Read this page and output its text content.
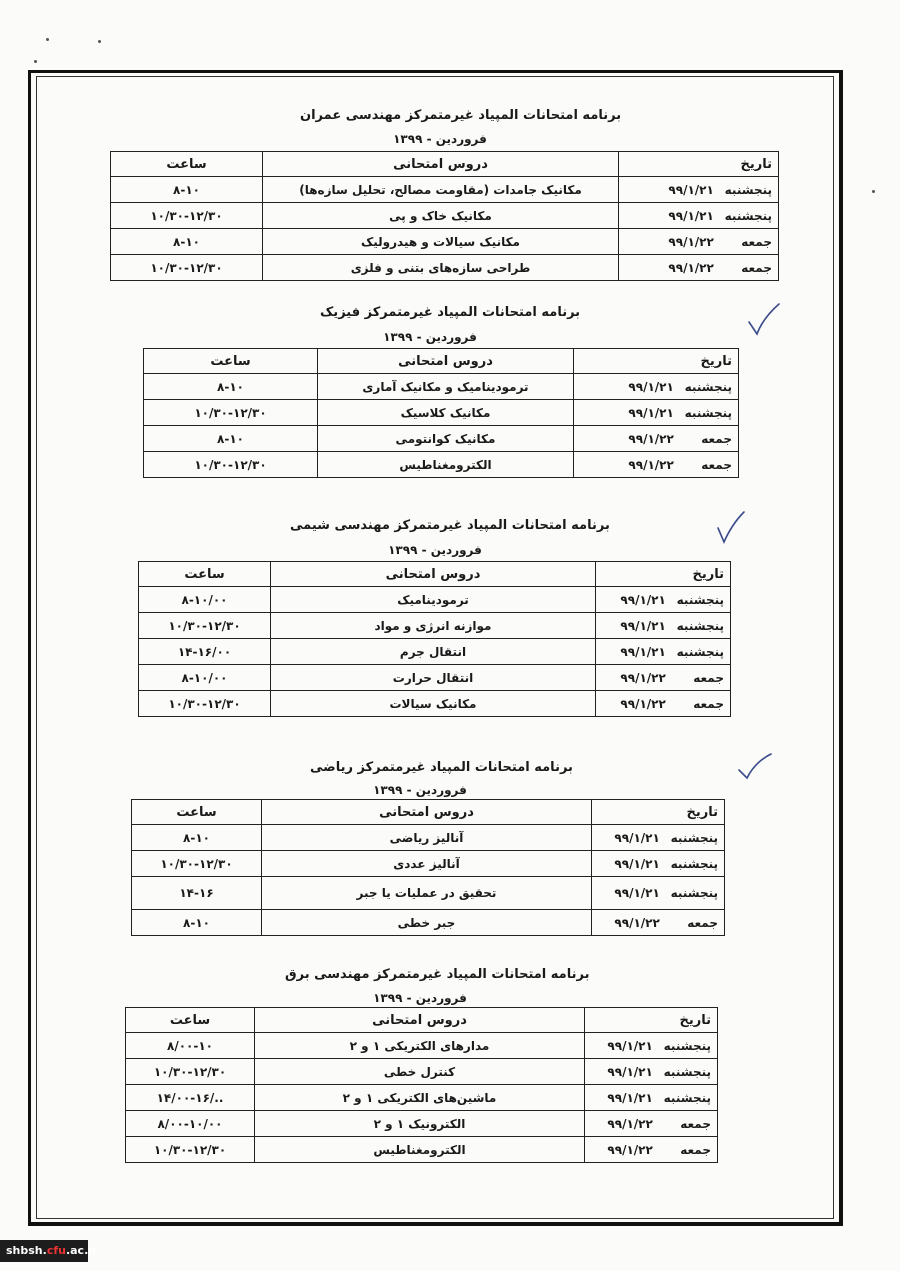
برنامه امتحانات المپیاد غیرمتمرکز مهندسی عمران
فروردین - ۱۳۹۹
تاریخ	دروس امتحانی	ساعت
پنجشنبه ۹۹/۱/۲۱	مکانیک جامدات (مقاومت مصالح، تحلیل سازه‌ها)	۸-۱۰
پنجشنبه ۹۹/۱/۲۱	مکانیک خاک و پی	۱۰/۳۰-۱۲/۳۰
جمعه ۹۹/۱/۲۲	مکانیک سیالات و هیدرولیک	۸-۱۰
جمعه ۹۹/۱/۲۲	طراحی سازه‌های بتنی و فلزی	۱۰/۳۰-۱۲/۳۰
برنامه امتحانات المپیاد غیرمتمرکز فیزیک
فروردین - ۱۳۹۹
تاریخ	دروس امتحانی	ساعت
پنجشنبه ۹۹/۱/۲۱	ترمودینامیک و مکانیک آماری	۸-۱۰
پنجشنبه ۹۹/۱/۲۱	مکانیک کلاسیک	۱۰/۳۰-۱۲/۳۰
جمعه ۹۹/۱/۲۲	مکانیک کوانتومی	۸-۱۰
جمعه ۹۹/۱/۲۲	الکترومغناطیس	۱۰/۳۰-۱۲/۳۰
برنامه امتحانات المپیاد غیرمتمرکز مهندسی شیمی
فروردین - ۱۳۹۹
تاریخ	دروس امتحانی	ساعت
پنجشنبه ۹۹/۱/۲۱	ترمودینامیک	۸-۱۰/۰۰
پنجشنبه ۹۹/۱/۲۱	موازنه انرژی و مواد	۱۰/۳۰-۱۲/۳۰
پنجشنبه ۹۹/۱/۲۱	انتقال جرم	۱۴-۱۶/۰۰
جمعه ۹۹/۱/۲۲	انتقال حرارت	۸-۱۰/۰۰
جمعه ۹۹/۱/۲۲	مکانیک سیالات	۱۰/۳۰-۱۲/۳۰
برنامه امتحانات المپیاد غیرمتمرکز ریاضی
فروردین - ۱۳۹۹
تاریخ	دروس امتحانی	ساعت
پنجشنبه ۹۹/۱/۲۱	آنالیز ریاضی	۸-۱۰
پنجشنبه ۹۹/۱/۲۱	آنالیز عددی	۱۰/۳۰-۱۲/۳۰
پنجشنبه ۹۹/۱/۲۱	تحقیق در عملیات یا جبر	۱۴-۱۶
جمعه ۹۹/۱/۲۲	جبر خطی	۸-۱۰
برنامه امتحانات المپیاد غیرمتمرکز مهندسی برق
فروردین - ۱۳۹۹
تاریخ	دروس امتحانی	ساعت
پنجشنبه ۹۹/۱/۲۱	مدارهای الکتریکی ۱ و ۲	۸/۰۰-۱۰
پنجشنبه ۹۹/۱/۲۱	کنترل خطی	۱۰/۳۰-۱۲/۳۰
پنجشنبه ۹۹/۱/۲۱	ماشین‌های الکتریکی ۱ و ۲	۱۴/۰۰-۱۶/..
جمعه ۹۹/۱/۲۲	الکترونیک ۱ و ۲	۸/۰۰-۱۰/۰۰
جمعه ۹۹/۱/۲۲	الکترومغناطیس	۱۰/۳۰-۱۲/۳۰
shbsh.cfu.ac.ir
